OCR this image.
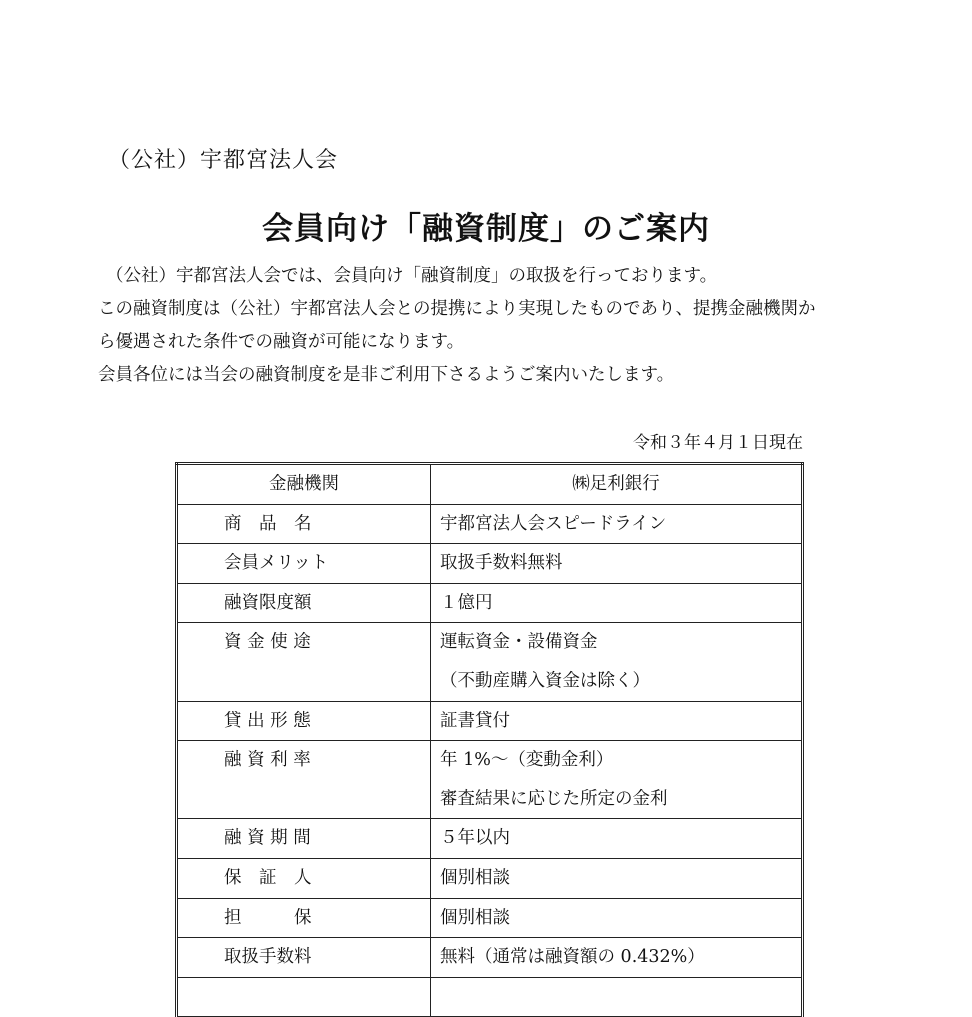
（公社）宇都宮法人会
会員向け「融資制度」のご案内

（公社）宇都宮法人会では、会員向け「融資制度」の取扱を行っております。

この融資制度は（公社）宇都宮法人会との提携により実現したものであり、提携金融機関か

ら優遇された条件での融資が可能になります。

会員各位には当会の融資制度を是非ご利用下さるようご案内いたします。

令和３年４月１日現在
金融機関	㈱足利銀行

商　品　名	宇都宮法人会スピードライン

会員メリット	取扱手数料無料

融資限度額	１億円

資 金 使 途	運転資金・設備資金
（不動産購入資金は除く）

貸 出 形 態	証書貸付

融 資 利 率	年 1%～（変動金利）
審査結果に応じた所定の金利

融 資 期 間	５年以内

保　証　人	個別相談

担　　　保	個別相談

取扱手数料	無料（通常は融資額の 0.432%）
